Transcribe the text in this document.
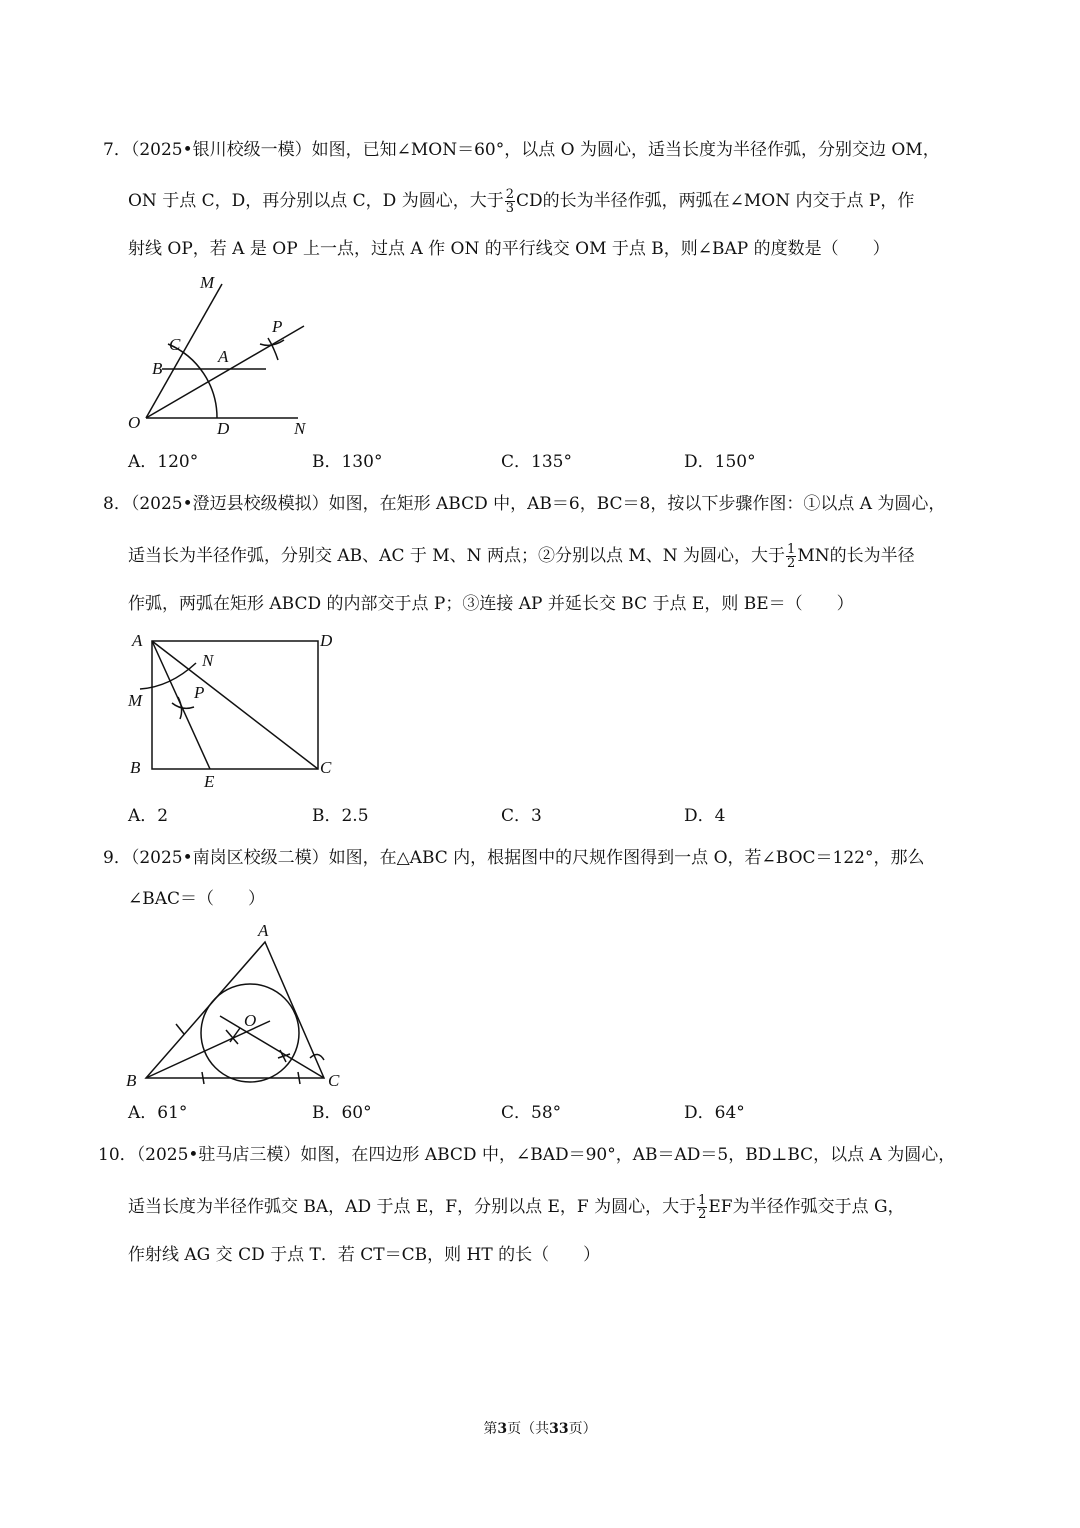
7．（2025•银川校级一模）如图，已知∠MON＝60°，以点 O 为圆心，适当长度为半径作弧，分别交边 OM，
ON 于点 C，D，再分别以点 C，D 为圆心，大于 $\frac{2}{3}$ CD的长为半径作弧，两弧在∠MON 内交于点 P，作
射线 OP，若 A 是 OP 上一点，过点 A 作 ON 的平行线交 OM 于点 B，则∠BAP 的度数是（　　）
M
P
C
A
B
O	D	N
A．120°	B．130°	C．135°	D．150°
8．（2025•澄迈县校级模拟）如图，在矩形 ABCD 中，AB＝6，BC＝8，按以下步骤作图：①以点 A 为圆心，
适当长为半径作弧，分别交 AB、AC 于 M、N 两点；②分别以点 M、N 为圆心，大于 $\frac{1}{2}$ MN的长为半径
作弧，两弧在矩形 ABCD 的内部交于点 P；③连接 AP 并延长交 BC 于点 E，则 BE＝（　　）
A	D
N
M	P
B
E
C
A．2	B．2.5	C．3	D．4
9．（2025•南岗区校级二模）如图，在△ABC 内，根据图中的尺规作图得到一点 O，若∠BOC＝122°，那么
∠BAC＝（　　）
A
O
B	C
A．61°	B．60°	C．58°	D．64°
10．（2025•驻马店三模）如图，在四边形 ABCD 中，∠BAD＝90°，AB＝AD＝5，BD⊥BC，以点 A 为圆心，
适当长度为半径作弧交 BA，AD 于点 E，F，分别以点 E，F 为圆心，大于 $\frac{1}{2}$ EF为半径作弧交于点 G，
作射线 AG 交 CD 于点 T．若 CT＝CB，则 HT 的长（　　）
第3页（共33页）
